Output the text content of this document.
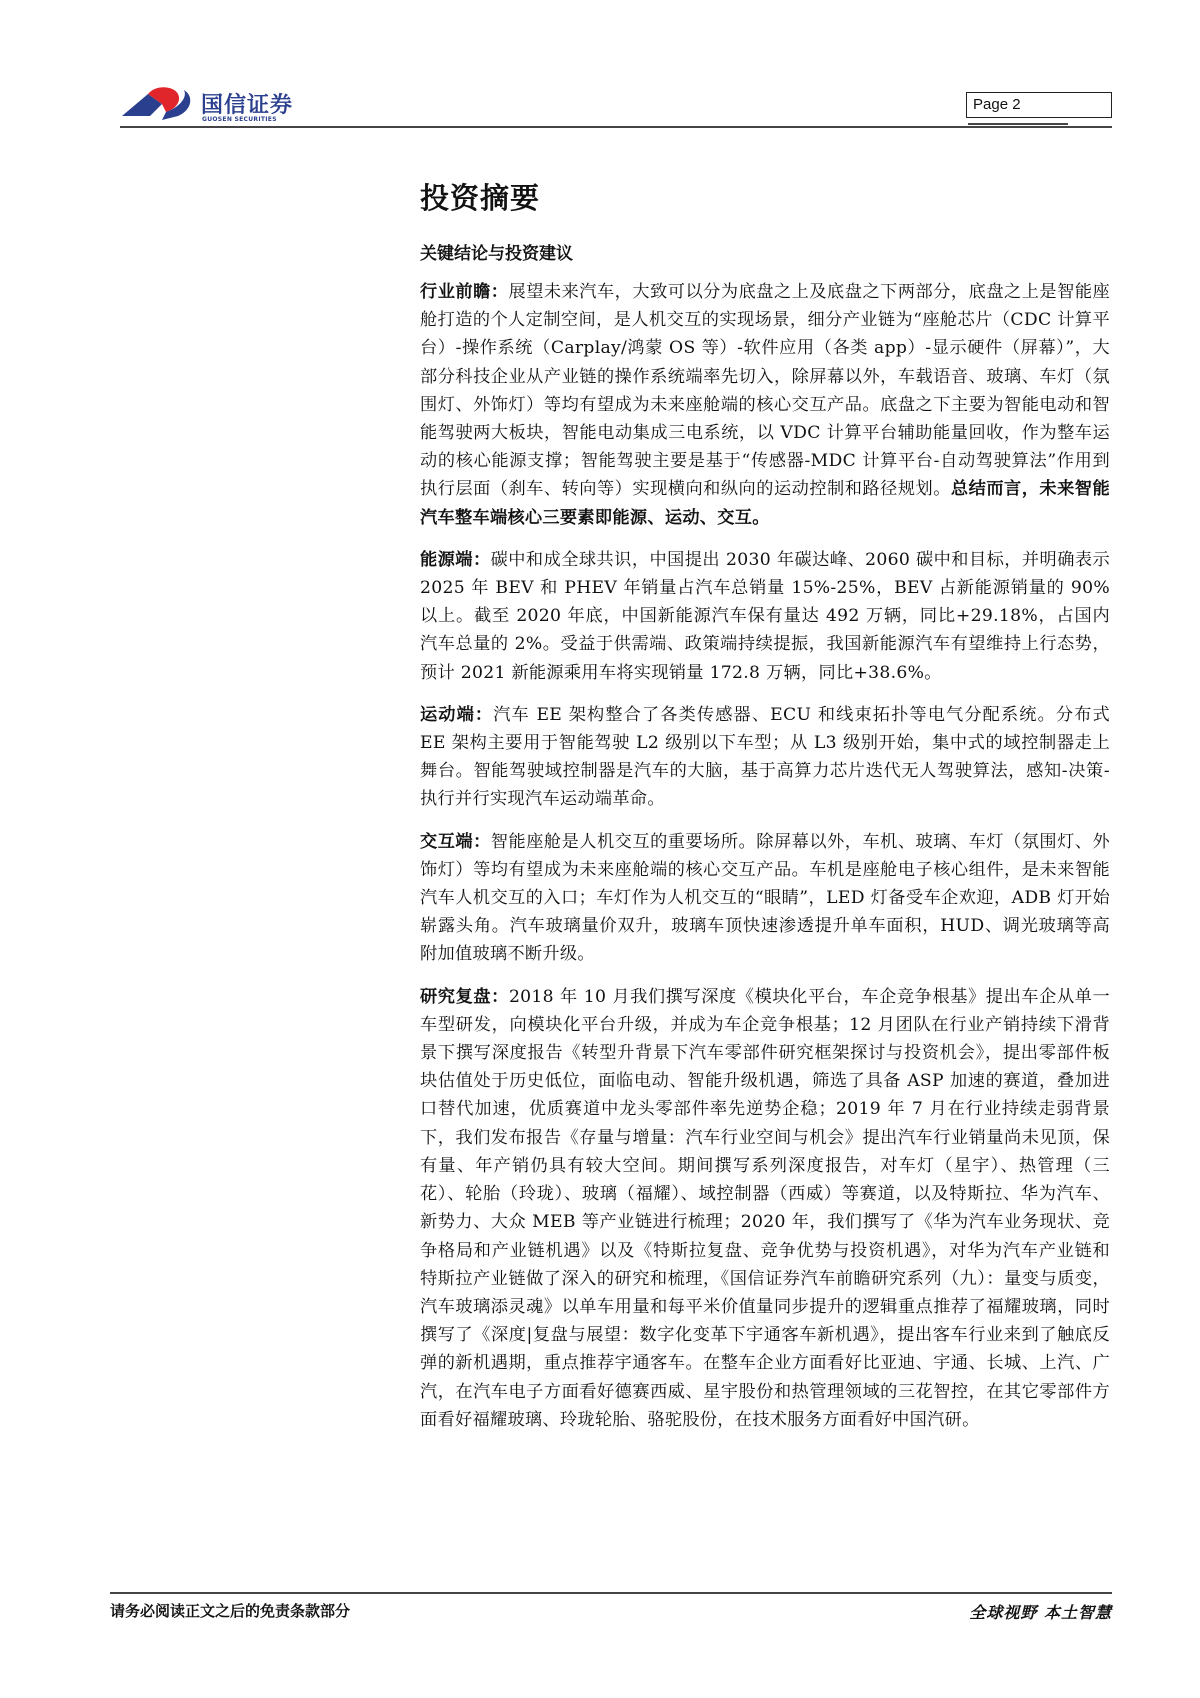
国信证券
GUOSEN SECURITIES
Page 2
投资摘要
关键结论与投资建议

行业前瞻：展望未来汽车，大致可以分为底盘之上及底盘之下两部分，底盘之上是智能座舱打造的个人定制空间，是人机交互的实现场景，细分产业链为“座舱芯片（CDC 计算平台）-操作系统（Carplay/鸿蒙 OS 等）-软件应用（各类 app）-显示硬件（屏幕）”，大部分科技企业从产业链的操作系统端率先切入，除屏幕以外，车载语音、玻璃、车灯（氛围灯、外饰灯）等均有望成为未来座舱端的核心交互产品。底盘之下主要为智能电动和智能驾驶两大板块，智能电动集成三电系统，以 VDC 计算平台辅助能量回收，作为整车运动的核心能源支撑；智能驾驶主要是基于“传感器-MDC 计算平台-自动驾驶算法”作用到执行层面（刹车、转向等）实现横向和纵向的运动控制和路径规划。总结而言，未来智能汽车整车端核心三要素即能源、运动、交互。

能源端：碳中和成全球共识，中国提出 2030 年碳达峰、2060 碳中和目标，并明确表示 2025 年 BEV 和 PHEV 年销量占汽车总销量 15%-25%，BEV 占新能源销量的 90%以上。截至 2020 年底，中国新能源汽车保有量达 492 万辆，同比+29.18%，占国内汽车总量的 2%。受益于供需端、政策端持续提振，我国新能源汽车有望维持上行态势，预计 2021 新能源乘用车将实现销量 172.8 万辆，同比+38.6%。

运动端：汽车 EE 架构整合了各类传感器、ECU 和线束拓扑等电气分配系统。分布式 EE 架构主要用于智能驾驶 L2 级别以下车型；从 L3 级别开始，集中式的域控制器走上舞台。智能驾驶域控制器是汽车的大脑，基于高算力芯片迭代无人驾驶算法，感知-决策-执行并行实现汽车运动端革命。

交互端：智能座舱是人机交互的重要场所。除屏幕以外，车机、玻璃、车灯（氛围灯、外饰灯）等均有望成为未来座舱端的核心交互产品。车机是座舱电子核心组件，是未来智能汽车人机交互的入口；车灯作为人机交互的“眼睛”，LED 灯备受车企欢迎，ADB 灯开始崭露头角。汽车玻璃量价双升，玻璃车顶快速渗透提升单车面积，HUD、调光玻璃等高附加值玻璃不断升级。

研究复盘：2018 年 10 月我们撰写深度《模块化平台，车企竞争根基》提出车企从单一车型研发，向模块化平台升级，并成为车企竞争根基；12 月团队在行业产销持续下滑背景下撰写深度报告《转型升背景下汽车零部件研究框架探讨与投资机会》，提出零部件板块估值处于历史低位，面临电动、智能升级机遇，筛选了具备 ASP 加速的赛道，叠加进口替代加速，优质赛道中龙头零部件率先逆势企稳；2019 年 7 月在行业持续走弱背景下，我们发布报告《存量与增量：汽车行业空间与机会》提出汽车行业销量尚未见顶，保有量、年产销仍具有较大空间。期间撰写系列深度报告，对车灯（星宇）、热管理（三花）、轮胎（玲珑）、玻璃（福耀）、域控制器（西威）等赛道，以及特斯拉、华为汽车、新势力、大众 MEB 等产业链进行梳理；2020 年，我们撰写了《华为汽车业务现状、竞争格局和产业链机遇》以及《特斯拉复盘、竞争优势与投资机遇》，对华为汽车产业链和特斯拉产业链做了深入的研究和梳理，《国信证券汽车前瞻研究系列（九）：量变与质变，汽车玻璃添灵魂》以单车用量和每平米价值量同步提升的逻辑重点推荐了福耀玻璃，同时撰写了《深度|复盘与展望：数字化变革下宇通客车新机遇》，提出客车行业来到了触底反弹的新机遇期，重点推荐宇通客车。在整车企业方面看好比亚迪、宇通、长城、上汽、广汽，在汽车电子方面看好德赛西威、星宇股份和热管理领域的三花智控，在其它零部件方面看好福耀玻璃、玲珑轮胎、骆驼股份，在技术服务方面看好中国汽研。

请务必阅读正文之后的免责条款部分	全球视野 本土智慧
